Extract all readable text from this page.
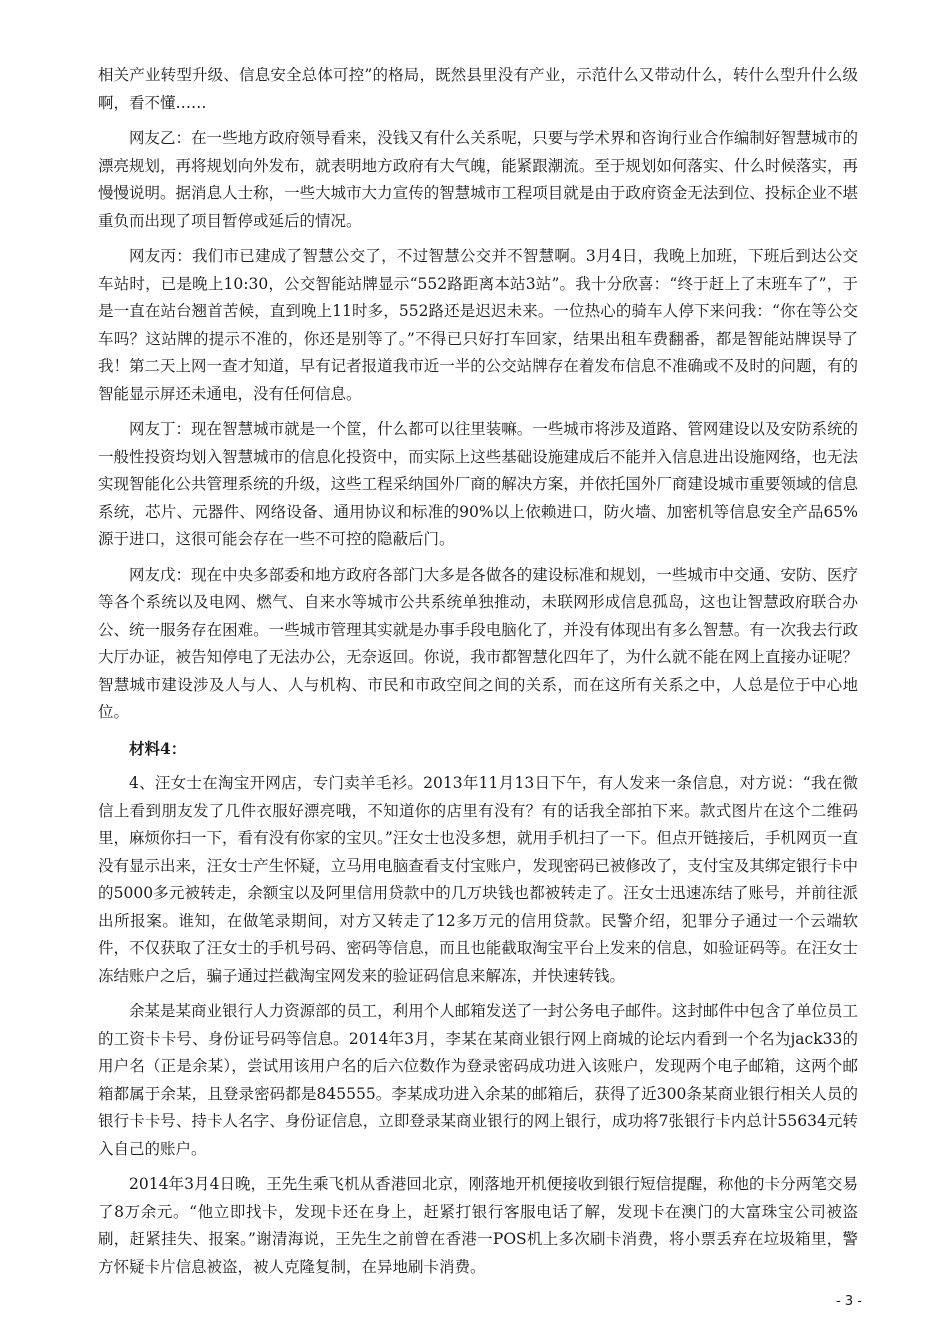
相关产业转型升级、信息安全总体可控”的格局，既然县里没有产业，示范什么又带动什么，转什么型升什么级啊，看不懂……

网友乙：在一些地方政府领导看来，没钱又有什么关系呢，只要与学术界和咨询行业合作编制好智慧城市的漂亮规划，再将规划向外发布，就表明地方政府有大气魄，能紧跟潮流。至于规划如何落实、什么时候落实，再慢慢说明。据消息人士称，一些大城市大力宣传的智慧城市工程项目就是由于政府资金无法到位、投标企业不堪重负而出现了项目暂停或延后的情况。

网友丙：我们市已建成了智慧公交了，不过智慧公交并不智慧啊。3月4日，我晚上加班，下班后到达公交车站时，已是晚上10:30，公交智能站牌显示“552路距离本站3站”。我十分欣喜：“终于赶上了末班车了”，于是一直在站台翘首苦候，直到晚上11时多，552路还是迟迟未来。一位热心的骑车人停下来问我：“你在等公交车吗？这站牌的提示不准的，你还是别等了。”不得已只好打车回家，结果出租车费翻番，都是智能站牌误导了我！第二天上网一查才知道，早有记者报道我市近一半的公交站牌存在着发布信息不准确或不及时的问题，有的智能显示屏还未通电，没有任何信息。

网友丁：现在智慧城市就是一个筐，什么都可以往里装嘛。一些城市将涉及道路、管网建设以及安防系统的一般性投资均划入智慧城市的信息化投资中，而实际上这些基础设施建成后不能并入信息进出设施网络，也无法实现智能化公共管理系统的升级，这些工程采纳国外厂商的解决方案，并依托国外厂商建设城市重要领域的信息系统，芯片、元器件、网络设备、通用协议和标准的90%以上依赖进口，防火墙、加密机等信息安全产品65%源于进口，这很可能会存在一些不可控的隐蔽后门。

网友戊：现在中央多部委和地方政府各部门大多是各做各的建设标准和规划，一些城市中交通、安防、医疗等各个系统以及电网、燃气、自来水等城市公共系统单独推动，未联网形成信息孤岛，这也让智慧政府联合办公、统一服务存在困难。一些城市管理其实就是办事手段电脑化了，并没有体现出有多么智慧。有一次我去行政大厅办证，被告知停电了无法办公，无奈返回。你说，我市都智慧化四年了，为什么就不能在网上直接办证呢？智慧城市建设涉及人与人、人与机构、市民和市政空间之间的关系，而在这所有关系之中，人总是位于中心地位。

材料4：

4、汪女士在淘宝开网店，专门卖羊毛衫。2013年11月13日下午，有人发来一条信息，对方说：“我在微信上看到朋友发了几件衣服好漂亮哦，不知道你的店里有没有？有的话我全部拍下来。款式图片在这个二维码里，麻烦你扫一下，看有没有你家的宝贝。”汪女士也没多想，就用手机扫了一下。但点开链接后，手机网页一直没有显示出来，汪女士产生怀疑，立马用电脑查看支付宝账户，发现密码已被修改了，支付宝及其绑定银行卡中的5000多元被转走，余额宝以及阿里信用贷款中的几万块钱也都被转走了。汪女士迅速冻结了账号，并前往派出所报案。谁知，在做笔录期间，对方又转走了12多万元的信用贷款。民警介绍，犯罪分子通过一个云端软件，不仅获取了汪女士的手机号码、密码等信息，而且也能截取淘宝平台上发来的信息，如验证码等。在汪女士冻结账户之后，骗子通过拦截淘宝网发来的验证码信息来解冻，并快速转钱。

余某是某商业银行人力资源部的员工，利用个人邮箱发送了一封公务电子邮件。这封邮件中包含了单位员工的工资卡卡号、身份证号码等信息。2014年3月，李某在某商业银行网上商城的论坛内看到一个名为jack33的用户名（正是余某），尝试用该用户名的后六位数作为登录密码成功进入该账户，发现两个电子邮箱，这两个邮箱都属于余某，且登录密码都是845555。李某成功进入余某的邮箱后，获得了近300条某商业银行相关人员的银行卡卡号、持卡人名字、身份证信息，立即登录某商业银行的网上银行，成功将7张银行卡内总计55634元转入自己的账户。

2014年3月4日晚，王先生乘飞机从香港回北京，刚落地开机便接收到银行短信提醒，称他的卡分两笔交易了8万余元。“他立即找卡，发现卡还在身上，赶紧打银行客服电话了解，发现卡在澳门的大富珠宝公司被盗刷，赶紧挂失、报案。”谢清海说，王先生之前曾在香港一POS机上多次刷卡消费，将小票丢弃在垃圾箱里，警方怀疑卡片信息被盗，被人克隆复制，在异地刷卡消费。

- 3 -
